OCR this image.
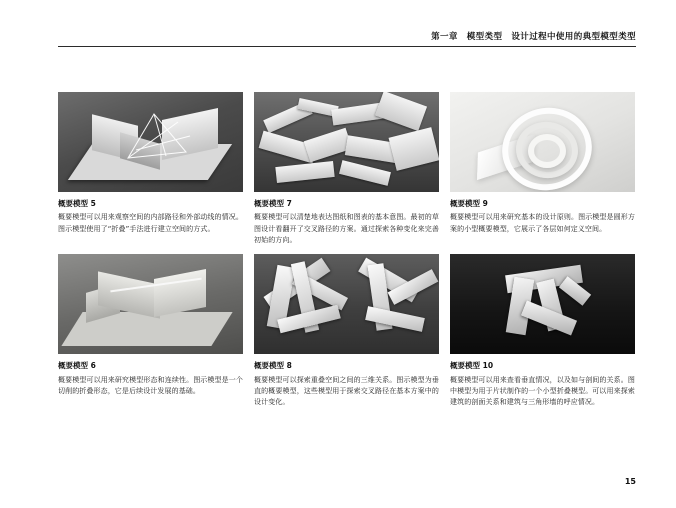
第一章 模型类型 设计过程中使用的典型模型类型
概要模型 5
概要模型可以用来观察空间的内部路径和外部动线的情况。图示模型使用了“折叠”手法进行建立空间的方式。
概要模型 7
概要模型可以清楚地表达图纸和图表的基本意图。最初的草图设计看翻开了交叉路径的方案。通过探索各种变化来完善初始的方向。
概要模型 9
概要模型可以用来研究基本的设计原则。图示模型是圆形方案的小型概要模型，它展示了各层如何定义空间。
概要模型 6
概要模型可以用来研究模型形态和连续性。图示模型是一个切削的折叠形态，它是后续设计发展的基础。
概要模型 8
概要模型可以探索重叠空间之间的三维关系。图示模型为垂直的概要模型，这些模型用于探索交叉路径在基本方案中的设计变化。
概要模型 10
概要模型可以用来查看垂直情况，以及如与剖间的关系。图中模型为用于片状制作的一个小型折叠模型。可以用来探索建筑的剖面关系和建筑与三角形墙的呼应情况。
15
